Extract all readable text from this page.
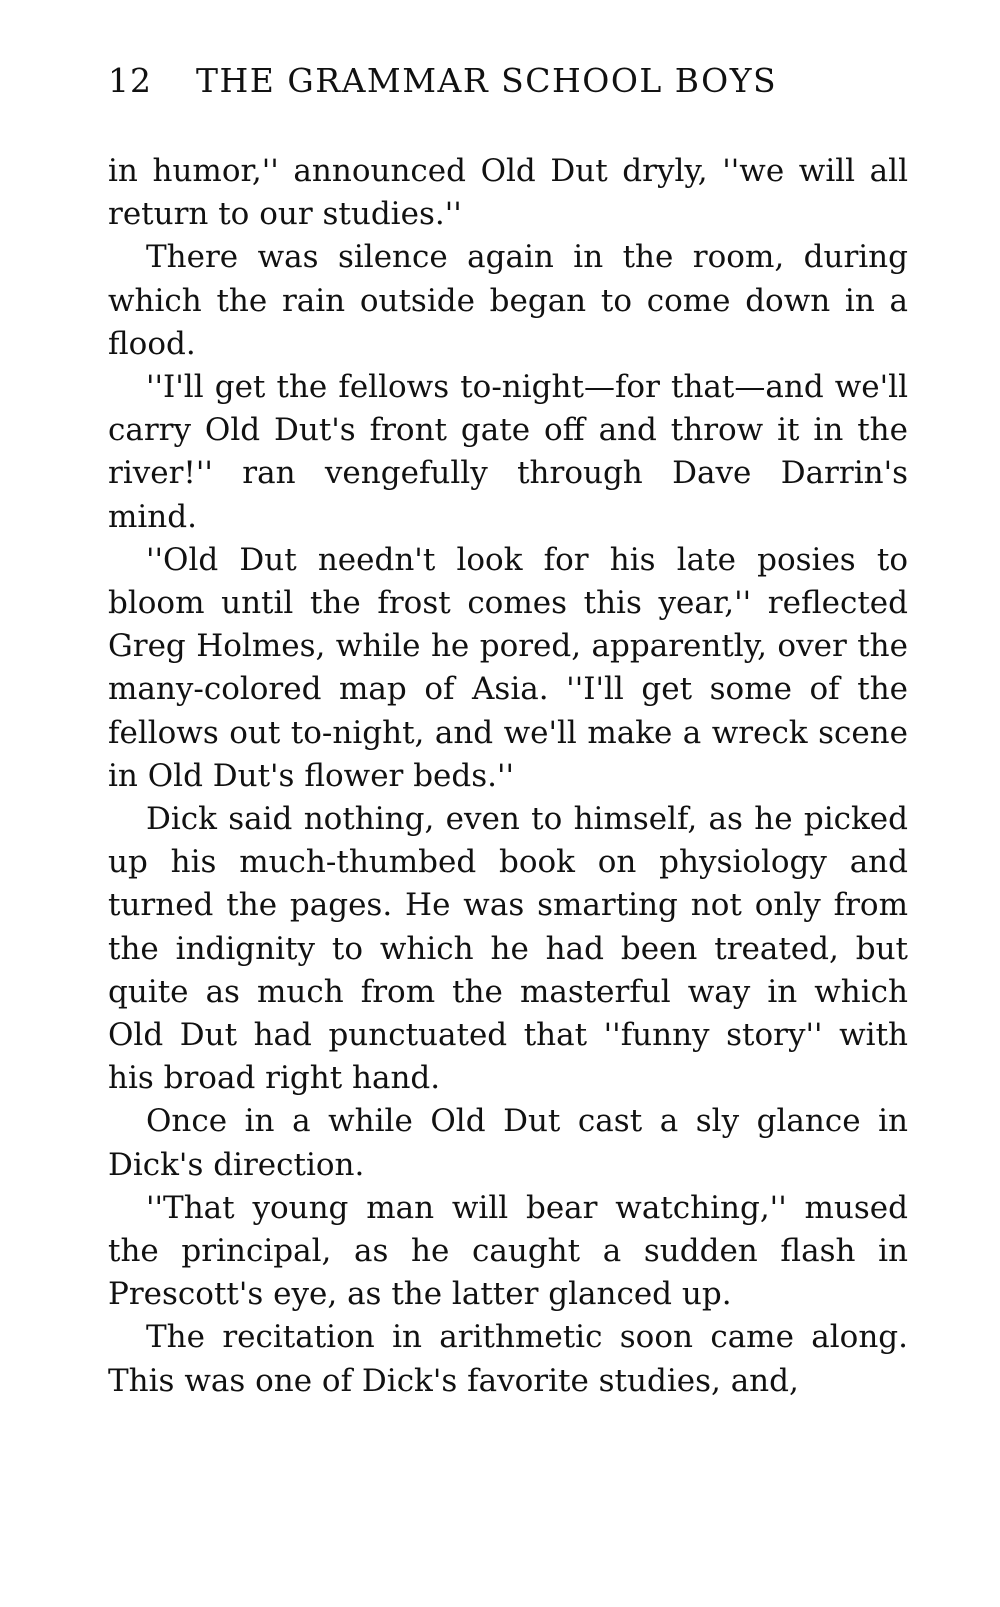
12 THE GRAMMAR SCHOOL BOYS

in humor,'' announced Old Dut dryly, ''we will all return to our studies.''

There was silence again in the room, during which the rain outside began to come down in a flood.

''I'll get the fellows to-night—for that—and we'll carry Old Dut's front gate off and throw it in the river!'' ran vengefully through Dave Darrin's mind.

''Old Dut needn't look for his late posies to bloom until the frost comes this year,'' reflected Greg Holmes, while he pored, apparently, over the many-colored map of Asia. ''I'll get some of the fellows out to-night, and we'll make a wreck scene in Old Dut's flower beds.''

Dick said nothing, even to himself, as he picked up his much-thumbed book on physiology and turned the pages. He was smarting not only from the indignity to which he had been treated, but quite as much from the masterful way in which Old Dut had punctuated that ''funny story'' with his broad right hand.

Once in a while Old Dut cast a sly glance in Dick's direction.

''That young man will bear watching,'' mused the principal, as he caught a sudden flash in Prescott's eye, as the latter glanced up.

The recitation in arithmetic soon came along. This was one of Dick's favorite studies, and,
